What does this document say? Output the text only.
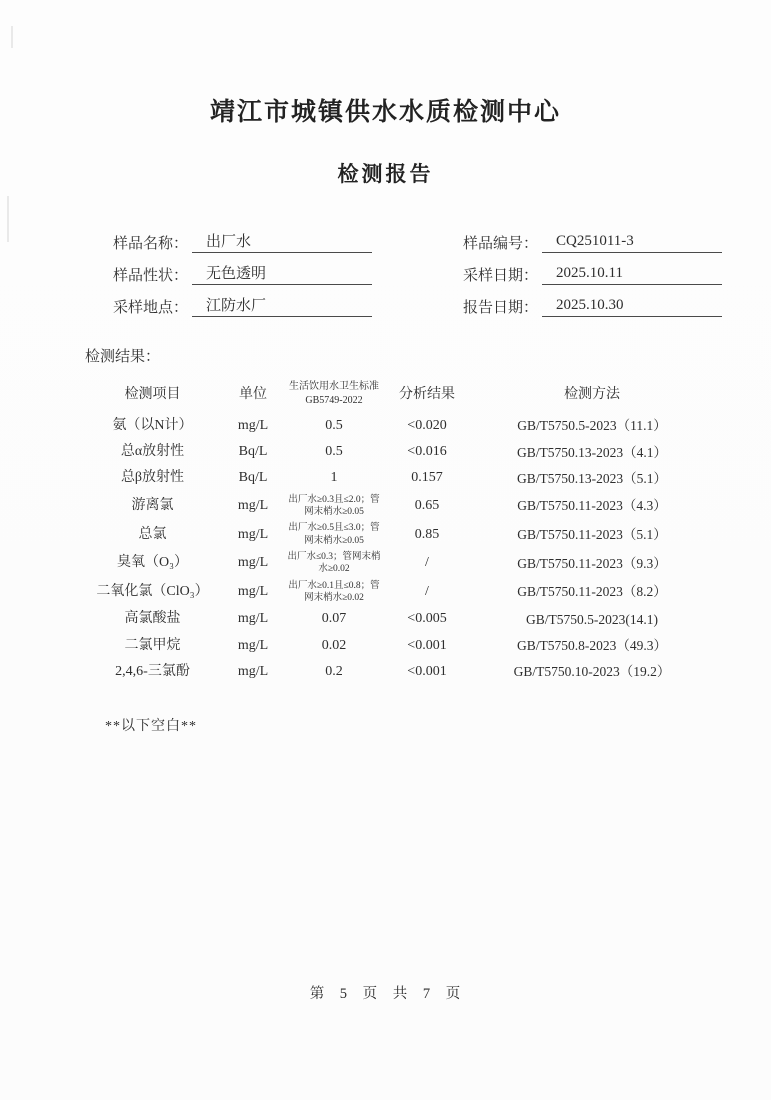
靖江市城镇供水水质检测中心
检测报告
样品名称：	出厂水	样品编号：	CQ251011-3
样品性状：	无色透明	采样日期：	2025.10.11
采样地点：	江防水厂	报告日期：	2025.10.30
检测结果：
检测项目	单位	生活饮用水卫生标准GB5749-2022	分析结果	检测方法
氨（以N计）	mg/L	0.5	<0.020	GB/T5750.5-2023（11.1）
总α放射性	Bq/L	0.5	<0.016	GB/T5750.13-2023（4.1）
总β放射性	Bq/L	1	0.157	GB/T5750.13-2023（5.1）
游离氯	mg/L	出厂水≥0.3且≤2.0；管网末梢水≥0.05	0.65	GB/T5750.11-2023（4.3）
总氯	mg/L	出厂水≥0.5且≤3.0；管网末梢水≥0.05	0.85	GB/T5750.11-2023（5.1）
臭氧（O₃）	mg/L	出厂水≤0.3；管网末梢水≥0.02	/	GB/T5750.11-2023（9.3）
二氧化氯（ClO₃）	mg/L	出厂水≥0.1且≤0.8；管网末梢水≥0.02	/	GB/T5750.11-2023（8.2）
高氯酸盐	mg/L	0.07	<0.005	GB/T5750.5-2023(14.1)
二氯甲烷	mg/L	0.02	<0.001	GB/T5750.8-2023（49.3）
2,4,6-三氯酚	mg/L	0.2	<0.001	GB/T5750.10-2023（19.2）
**以下空白**
第 5 页 共 7 页
